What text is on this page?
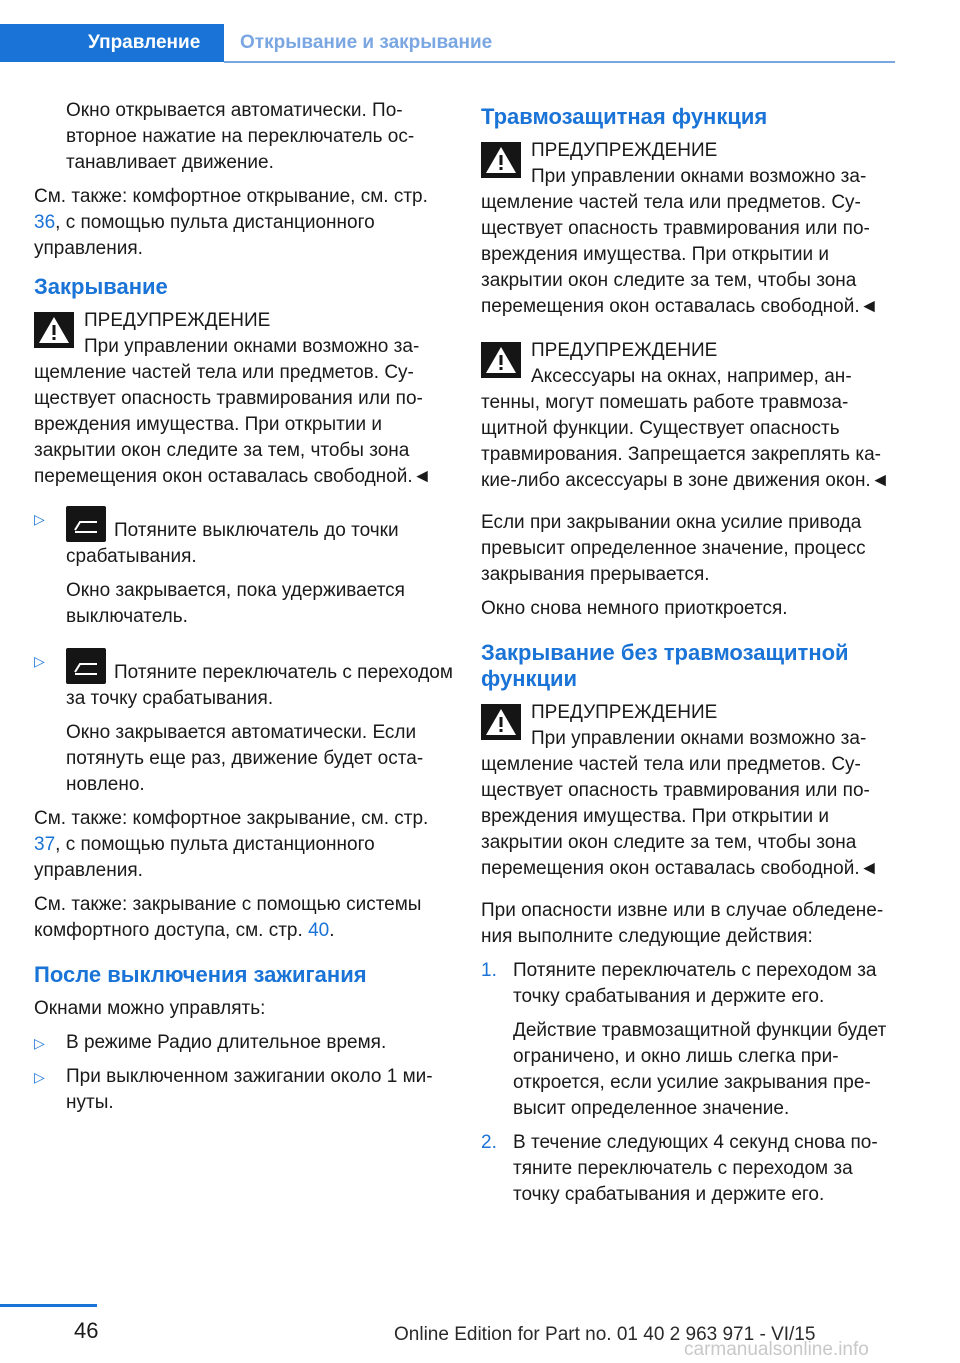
Управление	Открывание и закрывание

Окно открывается автоматически. Повторное нажатие на переключатель останавливает движение.

См. также: комфортное открывание, см. стр. 36, с помощью пульта дистанционного управления.

Закрывание
ПРЕДУПРЕЖДЕНИЕ
При управлении окнами возможно защемление частей тела или предметов. Существует опасность травмирования или повреждения имущества. При открытии и закрытии окон следите за тем, чтобы зона перемещения окон оставалась свободной.◄
▷
Потяните выключатель до точки срабатывания.

Окно закрывается, пока удерживается выключатель.

▷
Потяните переключатель с переходом за точку срабатывания.

Окно закрывается автоматически. Если потянуть еще раз, движение будет остановлено.

См. также: комфортное закрывание, см. стр. 37, с помощью пульта дистанционного управления.

См. также: закрывание с помощью системы комфортного доступа, см. стр. 40.

После выключения зажигания

Окнами можно управлять:

▷ В режиме Радио длительное время.
▷ При выключенном зажигании около 1 минуты.
Травмозащитная функция
ПРЕДУПРЕЖДЕНИЕ
При управлении окнами возможно защемление частей тела или предметов. Существует опасность травмирования или повреждения имущества. При открытии и закрытии окон следите за тем, чтобы зона перемещения окон оставалась свободной.◄
ПРЕДУПРЕЖДЕНИЕ
Аксессуары на окнах, например, антенны, могут помешать работе травмозащитной функции. Существует опасность травмирования. Запрещается закреплять какие-либо аксессуары в зоне движения окон.◄

Если при закрывании окна усилие привода превысит определенное значение, процесс закрывания прерывается.

Окно снова немного приоткроется.

Закрывание без травмозащитной функции
ПРЕДУПРЕЖДЕНИЕ
При управлении окнами возможно защемление частей тела или предметов. Существует опасность травмирования или повреждения имущества. При открытии и закрытии окон следите за тем, чтобы зона перемещения окон оставалась свободной.◄

При опасности извне или в случае обледенения выполните следующие действия:

1. Потяните переключатель с переходом за точку срабатывания и держите его.

Действие травмозащитной функции будет ограничено, и окно лишь слегка приоткроется, если усилие закрывания превысит определенное значение.

2. В течение следующих 4 секунд снова потяните переключатель с переходом за точку срабатывания и держите его.
46	Online Edition for Part no. 01 40 2 963 971 - VI/15
carmanualsonline.info
